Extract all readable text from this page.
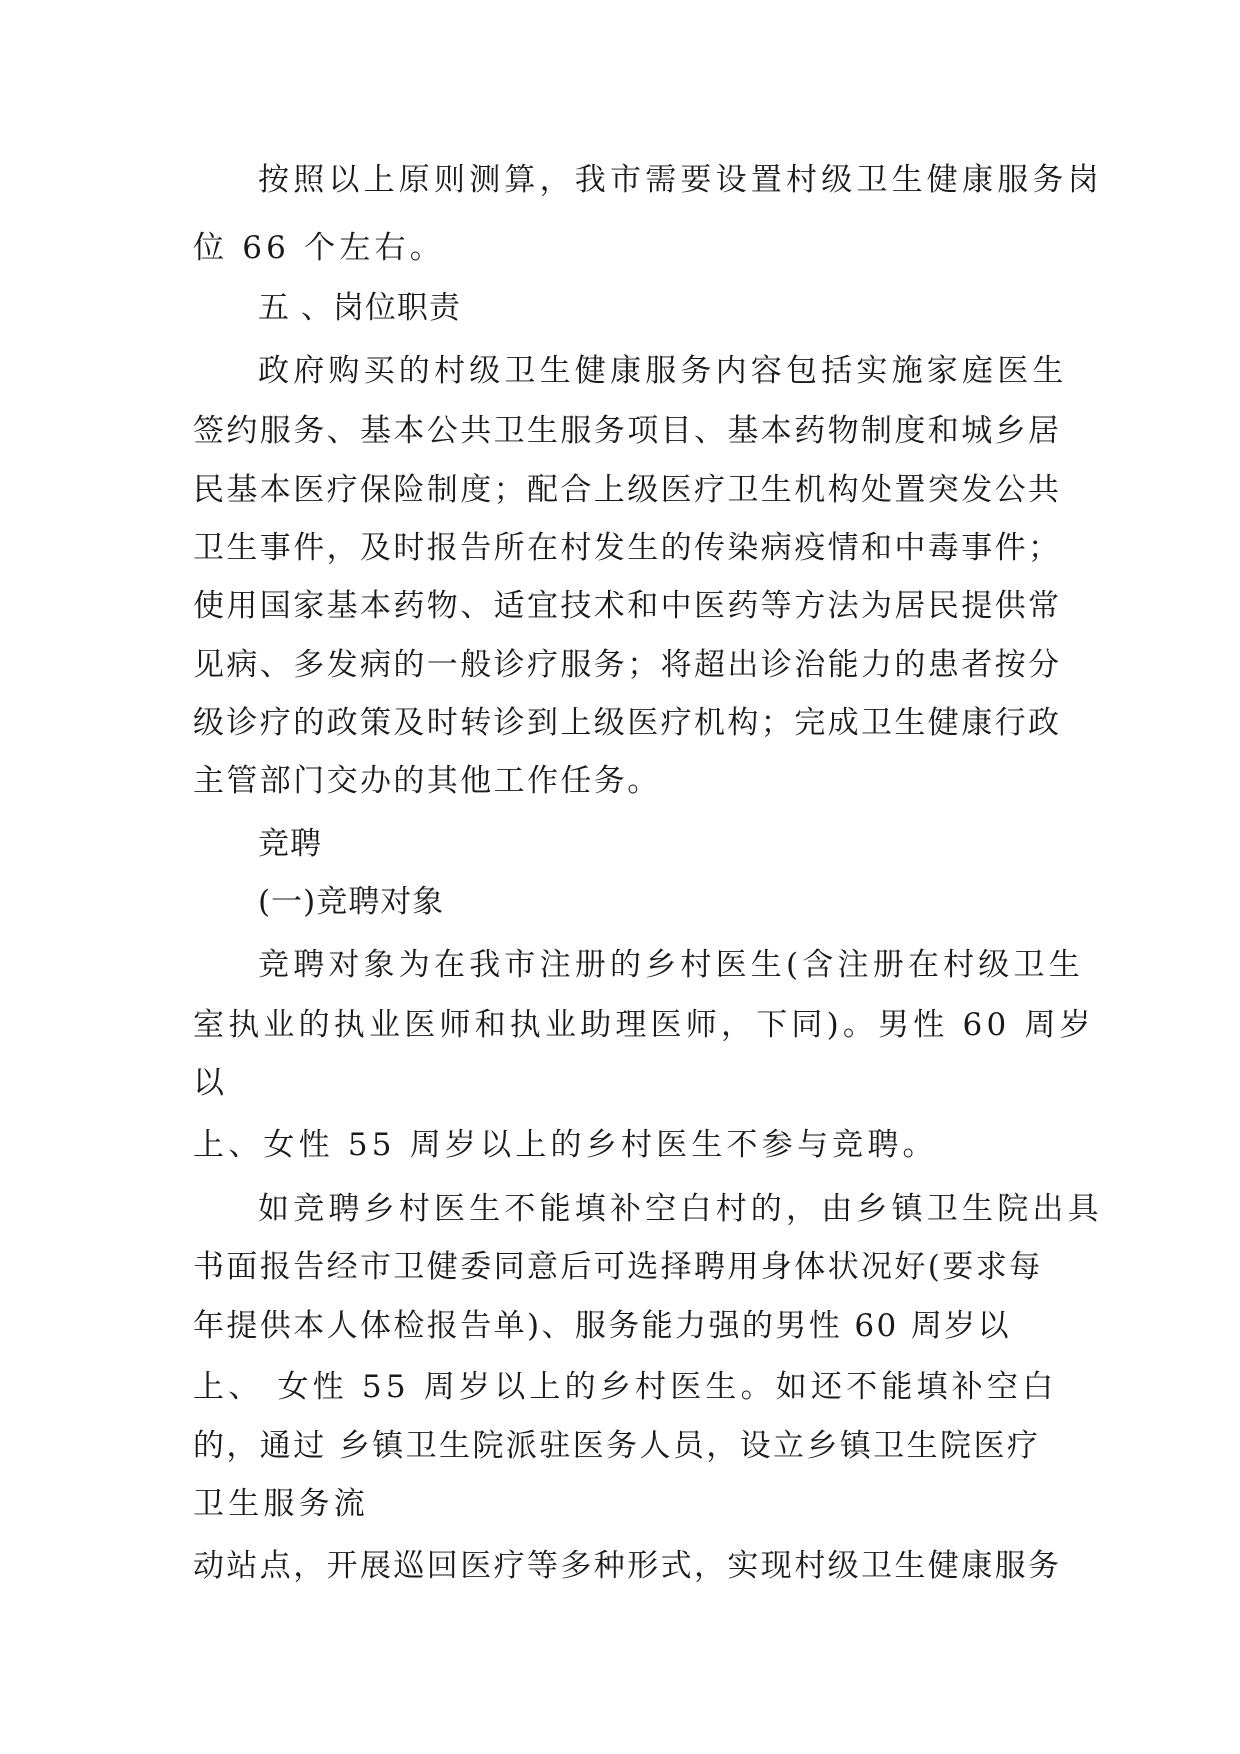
按照以上原则测算，我市需要设置村级卫生健康服务岗
位 66 个左右。
五 、岗位职责
政府购买的村级卫生健康服务内容包括实施家庭医生
签约服务、基本公共卫生服务项目、基本药物制度和城乡居
民基本医疗保险制度；配合上级医疗卫生机构处置突发公共
卫生事件，及时报告所在村发生的传染病疫情和中毒事件；
使用国家基本药物、适宜技术和中医药等方法为居民提供常
见病、多发病的一般诊疗服务；将超出诊治能力的患者按分
级诊疗的政策及时转诊到上级医疗机构；完成卫生健康行政
主管部门交办的其他工作任务。
竞聘
(一)竞聘对象
竞聘对象为在我市注册的乡村医生(含注册在村级卫生
室执业的执业医师和执业助理医师，下同)。男性 60 周岁
以
上、女性 55 周岁以上的乡村医生不参与竞聘。
如竞聘乡村医生不能填补空白村的，由乡镇卫生院出具
书面报告经市卫健委同意后可选择聘用身体状况好(要求每
年提供本人体检报告单)、服务能力强的男性 60 周岁以
上、 女性 55 周岁以上的乡村医生。如还不能填补空白
的，通过 乡镇卫生院派驻医务人员，设立乡镇卫生院医疗
卫生服务流
动站点，开展巡回医疗等多种形式，实现村级卫生健康服务
